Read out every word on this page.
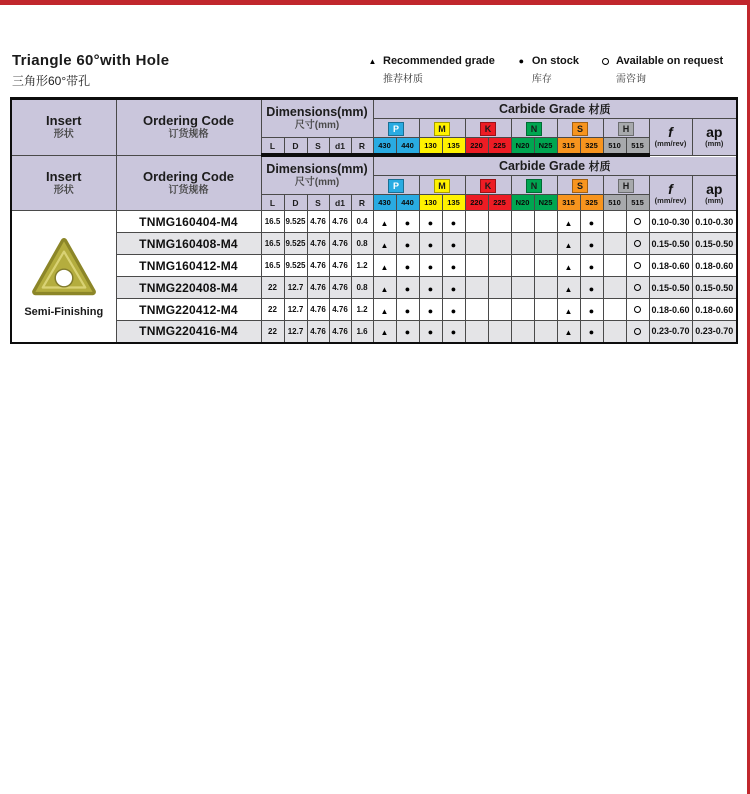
Triangle 60°with Hole
三角形60°带孔
▲ Recommended grade
推荐材质
● On stock
库存
Available on request
需咨询
Insert
形状

Ordering Code
订货规格

Dimensions(mm)
尺寸(mm)
	Carbide Grade 材质
P	M	K	N	S	H	f
(mm/rev)

ap
(mm)

		L	D	S	d1	R	430	440	130	135	220	225	N20	N25	315	325	510	515		

Insert
形状

Ordering Code
订货规格

Dimensions(mm)
尺寸(mm)
	Carbide Grade 材质
P	M	K	N	S	H	f
(mm/rev)

ap
(mm)

		L	D	S	d1	R	430	440	130	135	220	225	N20	N25	315	325	510	515		

Semi-Finishing	TNMG160404-M4	16.5	9.525	4.76	4.76	0.4	▲	●	●	●					▲	●			0.10-0.30	0.10-0.30
	TNMG160408-M4	16.5	9.525	4.76	4.76	0.8	▲	●	●	●					▲	●			0.15-0.50	0.15-0.50
	TNMG160412-M4	16.5	9.525	4.76	4.76	1.2	▲	●	●	●					▲	●			0.18-0.60	0.18-0.60
	TNMG220408-M4	22	12.7	4.76	4.76	0.8	▲	●	●	●					▲	●			0.15-0.50	0.15-0.50
	TNMG220412-M4	22	12.7	4.76	4.76	1.2	▲	●	●	●					▲	●			0.18-0.60	0.18-0.60
	TNMG220416-M4	22	12.7	4.76	4.76	1.6	▲	●	●	●					▲	●			0.23-0.70	0.23-0.70
